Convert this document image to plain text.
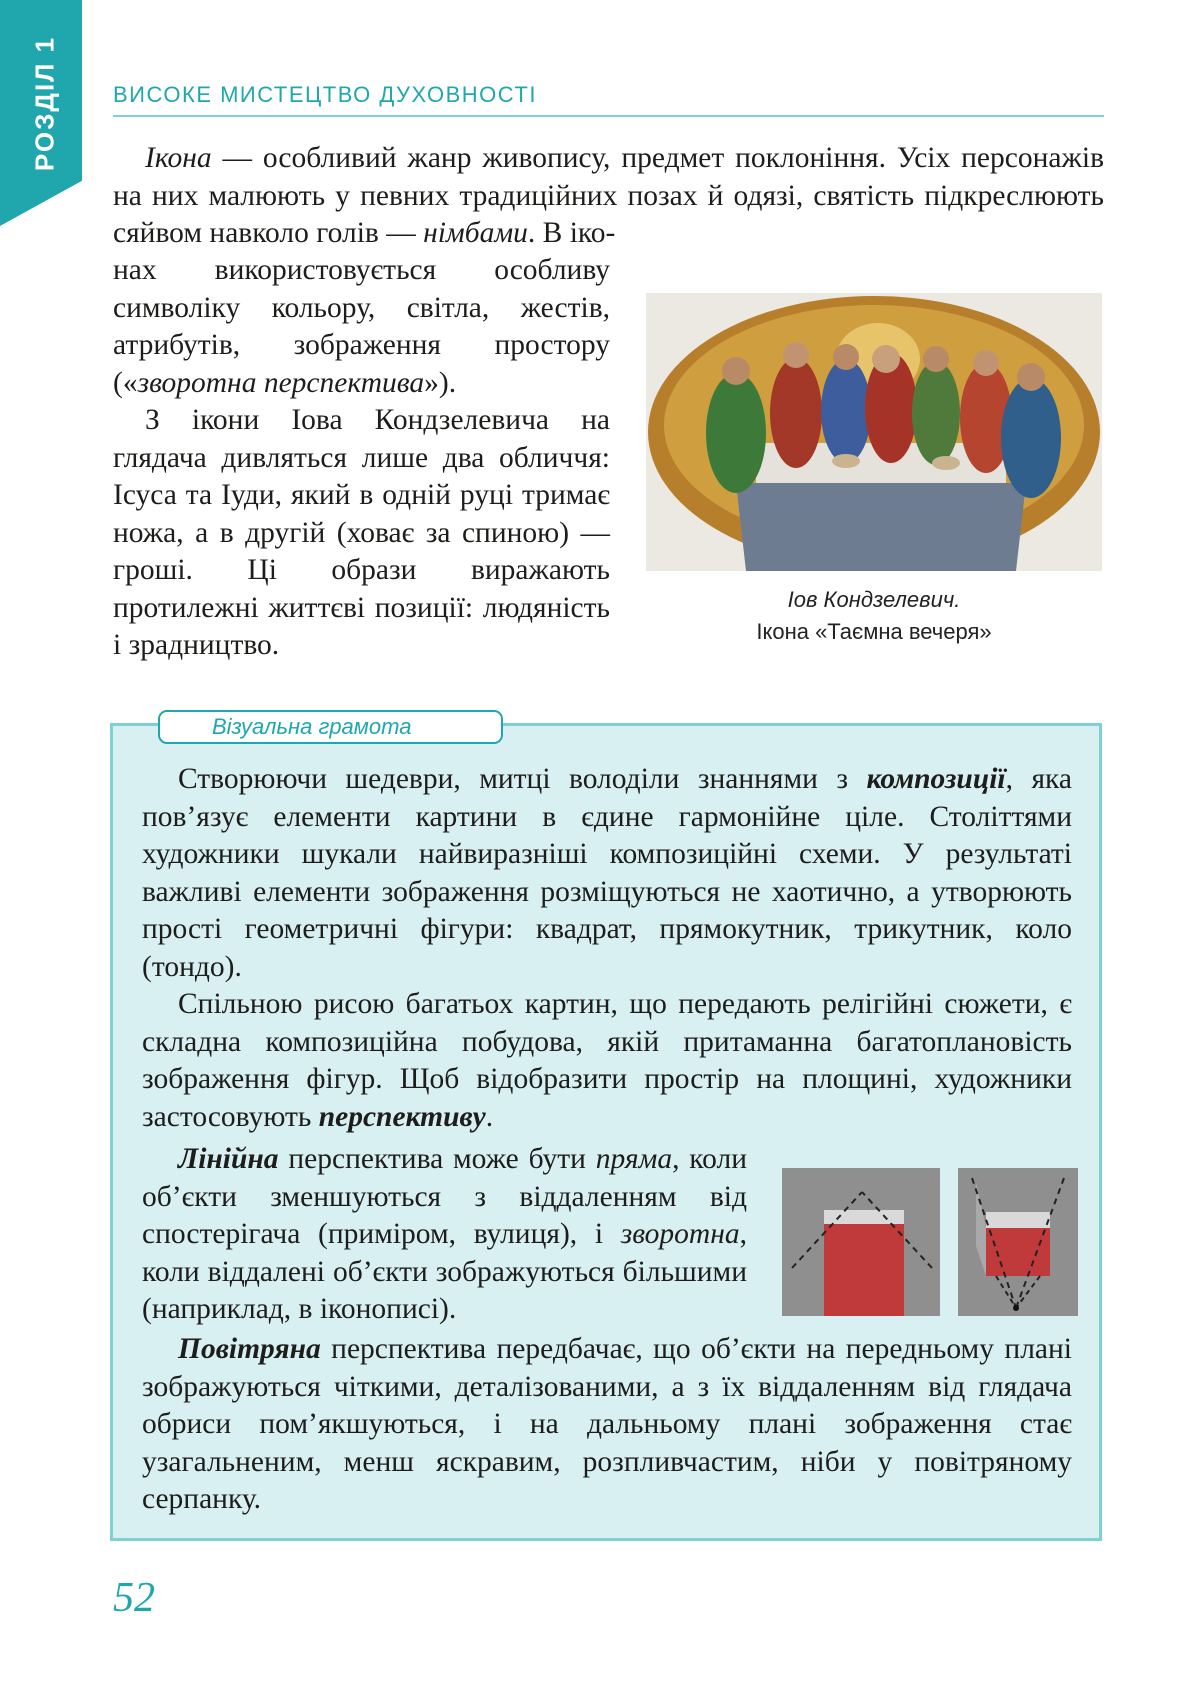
РОЗДІЛ 1 ВИСОКЕ МИСТЕЦТВО ДУХОВНОСТІ

Ікона — особливий жанр живопису, предмет поклоніння. Усіх персонажів на них малюють у певних традиційних позах й одязі, святість підкреслюють сяйвом навколо голів — німбами. В іко-

нах використовується особливу символіку кольору, світла, жестів, атрибутів, зображення простору («зворотна перспектива»).

З ікони Іова Кондзелевича на глядача дивляться лише два обличчя: Ісуса та Іуди, який в одній руці тримає ножа, а в другій (ховає за спиною) — гроші. Ці образи виражають протилежні життєві позиції: людяність і зрадництво.

Іов Кондзелевич.
Ікона «Таємна вечеря»
Візуальна грамота

Створюючи шедеври, митці володіли знаннями з композиції, яка пов’язує елементи картини в єдине гармонійне ціле. Століттями художники шукали найвиразніші композиційні схеми. У результаті важливі елементи зображення розміщуються не хаотично, а утворюють прості геометричні фігури: квадрат, прямокутник, трикутник, коло (тондо).

Спільною рисою багатьох картин, що передають релігійні сюжети, є складна композиційна побудова, якій притаманна багатоплановість зображення фігур. Щоб відобразити простір на площині, художники застосовують перспективу.

Лінійна перспектива може бути пряма, коли об’єкти зменшуються з віддаленням від спостерігача (приміром, вулиця), і зворотна, коли віддалені об’єкти зображуються більшими (наприклад, в іконописі).

Повітряна перспектива передбачає, що об’єкти на передньому плані зображуються чіткими, деталізованими, а з їх віддаленням від глядача обриси пом’якшуються, і на дальньому плані зображення стає узагальненим, менш яскравим, розпливчастим, ніби у повітряному серпанку.

52
